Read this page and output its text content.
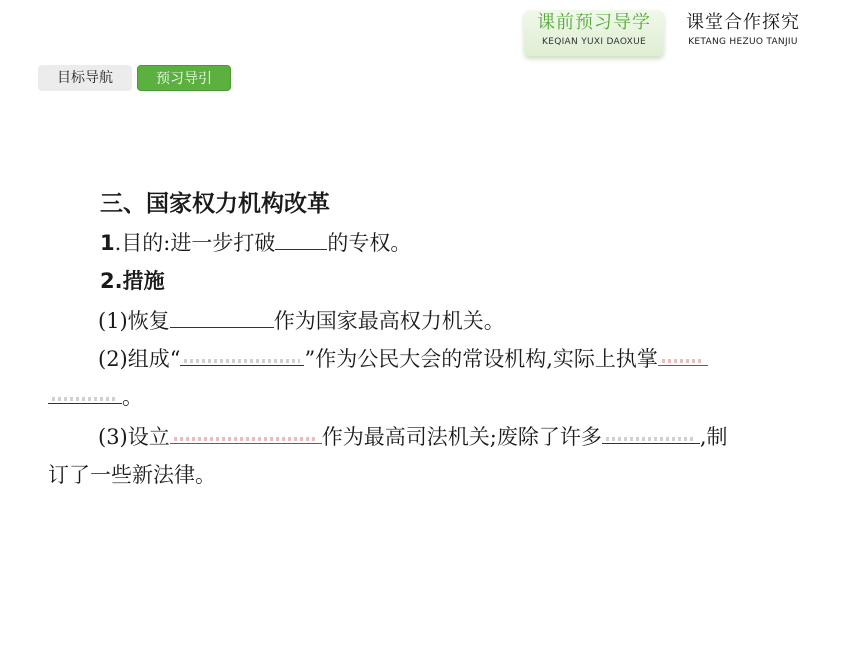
课前预习导学
KEQIAN YUXI DAOXUE
课堂合作探究
KETANG HEZUO TANJIU
目标导航	预习导引
三、国家权力机构改革
1.目的:进一步打破 的专权。
2.措施
(1)恢复	作为国家最高权力机关。
(2)组成“	”作为公民大会的常设机构,实际上执掌
。
(3)设立	作为最高司法机关;废除了许多	,制
订了一些新法律。
